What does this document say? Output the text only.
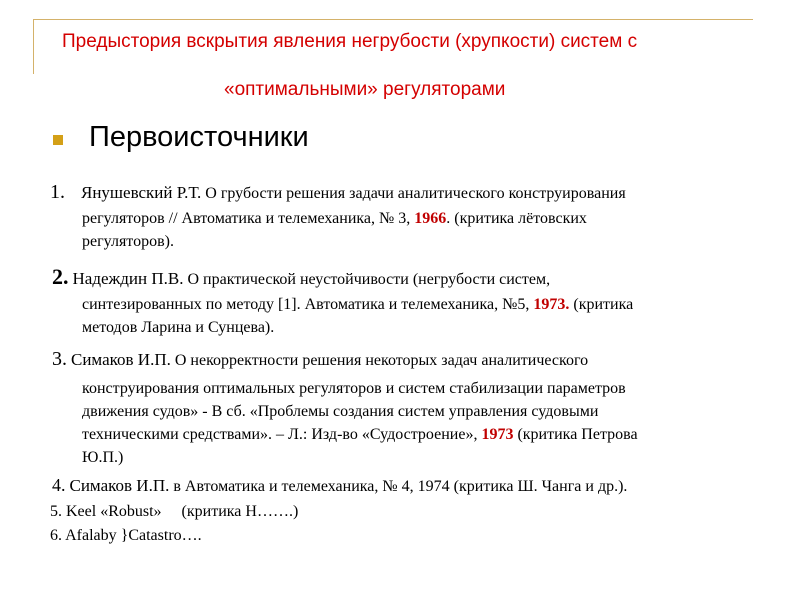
Предыстория вскрытия явления негрубости (хрупкости) систем с
«оптимальными» регуляторами
Первоисточники
1. Янушевский Р.Т. О грубости решения задачи аналитического конструирования
регуляторов // Автоматика и телемеханика, № 3, 1966. (критика лётовских
регуляторов).
2. Надеждин П.В. О практической неустойчивости (негрубости систем,
синтезированных по методу [1]. Автоматика и телемеханика, №5, 1973. (критика
методов Ларина и Сунцева).
3. Симаков И.П. О некорректности решения некоторых задач аналитического
конструирования оптимальных регуляторов и систем стабилизации параметров
движения судов» - В сб. «Проблемы создания систем управления судовыми
техническими средствами». – Л.: Изд-во «Судостроение», 1973 (критика Петрова
Ю.П.)
4. Симаков И.П. в Автоматика и телемеханика, № 4, 1974 (критика Ш. Чанга и др.).
5. Keel «Robust»     (критика Н…….)
6. Afalaby }Catastro….
